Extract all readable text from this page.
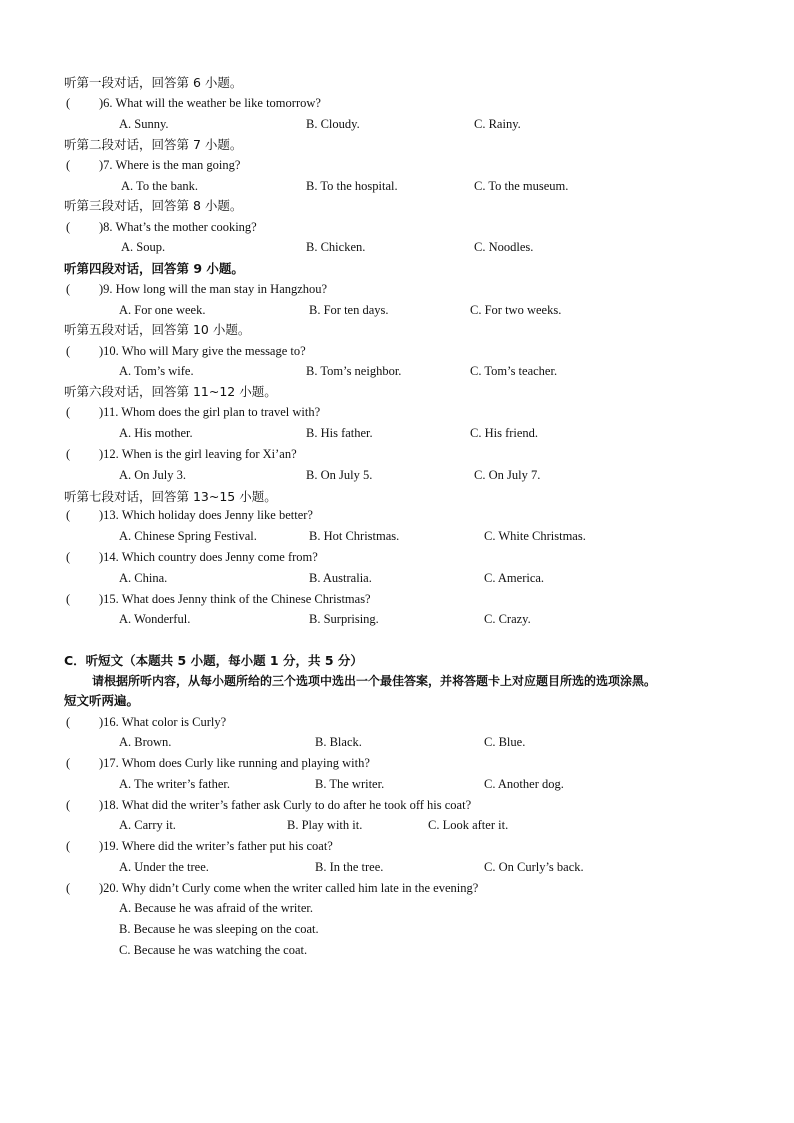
听第一段对话，回答第 6 小题。
( )6. What will the weather be like tomorrow?
A. Sunny.	B. Cloudy.	C. Rainy.
听第二段对话，回答第 7 小题。
( )7. Where is the man going?
A. To the bank.	B. To the hospital.	C. To the museum.
听第三段对话，回答第 8 小题。
( )8. What’s the mother cooking?
A. Soup.	B. Chicken.	C. Noodles.
听第四段对话，回答第 9 小题。
( )9. How long will the man stay in Hangzhou?
A. For one week.	B. For ten days.	C. For two weeks.
听第五段对话，回答第 10 小题。
( )10. Who will Mary give the message to?
A. Tom’s wife.	B. Tom’s neighbor.	C. Tom’s teacher.
听第六段对话，回答第 11~12 小题。
( )11. Whom does the girl plan to travel with?
A. His mother.	B. His father.	C. His friend.
( )12. When is the girl leaving for Xi’an?
A. On July 3.	B. On July 5.	C. On July 7.
听第七段对话，回答第 13~15 小题。
( )13. Which holiday does Jenny like better?
A. Chinese Spring Festival.	B. Hot Christmas.	C. White Christmas.
( )14. Which country does Jenny come from?
A. China.	B. Australia.	C. America.
( )15. What does Jenny think of the Chinese Christmas?
A. Wonderful.	B. Surprising.	C. Crazy.
C．听短文（本题共 5 小题，每小题 1 分，共 5 分）
请根据所听内容，从每小题所给的三个选项中选出一个最佳答案，并将答题卡上对应题目所选的选项涂黑。
短文听两遍。
( )16. What color is Curly?
A. Brown.	B. Black.	C. Blue.
( )17. Whom does Curly like running and playing with?
A. The writer’s father.	B. The writer.	C. Another dog.
( )18. What did the writer’s father ask Curly to do after he took off his coat?
A. Carry it.	B. Play with it.	C. Look after it.
( )19. Where did the writer’s father put his coat?
A. Under the tree.	B. In the tree.	C. On Curly’s back.
( )20. Why didn’t Curly come when the writer called him late in the evening?
A. Because he was afraid of the writer.
B. Because he was sleeping on the coat.
C. Because he was watching the coat.
